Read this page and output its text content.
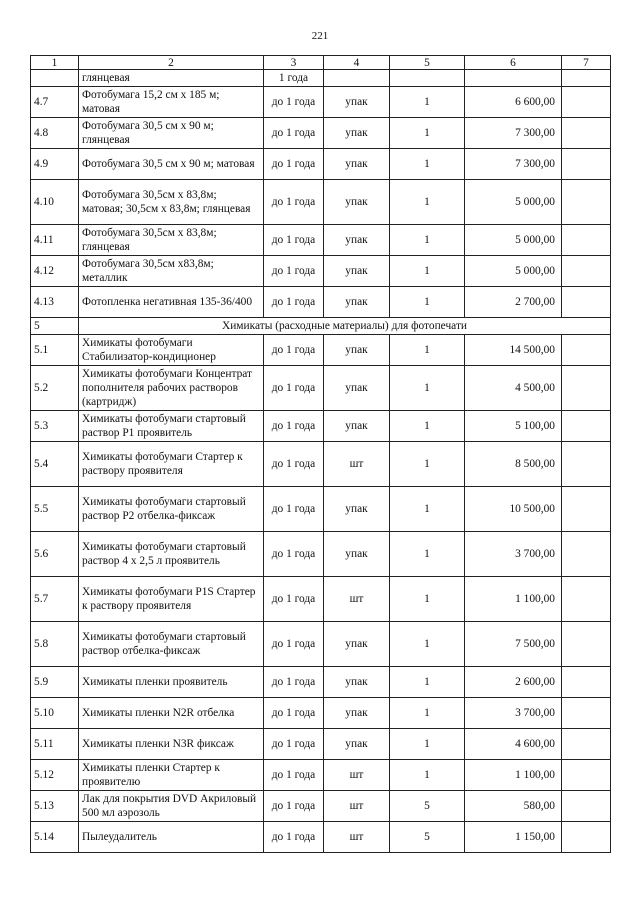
221
1	2	3	4	5	6	7
	глянцевая	1 года				
4.7	Фотобумага 15,2 см х 185 м; матовая	до 1 года	упак	1	6 600,00	
4.8	Фотобумага 30,5 см х 90 м; глянцевая	до 1 года	упак	1	7 300,00	
4.9	Фотобумага 30,5 см х 90 м; матовая	до 1 года	упак	1	7 300,00	
4.10	Фотобумага 30,5см х 83,8м; матовая; 30,5см х 83,8м; глянцевая	до 1 года	упак	1	5 000,00	
4.11	Фотобумага 30,5см х 83,8м; глянцевая	до 1 года	упак	1	5 000,00	
4.12	Фотобумага 30,5см х83,8м; металлик	до 1 года	упак	1	5 000,00	
4.13	Фотопленка негативная 135-36/400	до 1 года	упак	1	2 700,00	
5	Химикаты (расходные материалы) для фотопечати					
5.1	Химикаты фотобумаги Стабилизатор-кондиционер	до 1 года	упак	1	14 500,00	
5.2	Химикаты фотобумаги Концентрат пополнителя рабочих растворов (картридж)	до 1 года	упак	1	4 500,00	
5.3	Химикаты фотобумаги стартовый раствор P1 проявитель	до 1 года	упак	1	5 100,00	
5.4	Химикаты фотобумаги Стартер к раствору проявителя	до 1 года	шт	1	8 500,00	
5.5	Химикаты фотобумаги стартовый раствор P2 отбелка-фиксаж	до 1 года	упак	1	10 500,00	
5.6	Химикаты фотобумаги стартовый раствор 4 х 2,5 л проявитель	до 1 года	упак	1	3 700,00	
5.7	Химикаты фотобумаги P1S Стартер к раствору проявителя	до 1 года	шт	1	1 100,00	
5.8	Химикаты фотобумаги стартовый раствор отбелка-фиксаж	до 1 года	упак	1	7 500,00	
5.9	Химикаты пленки проявитель	до 1 года	упак	1	2 600,00	
5.10	Химикаты пленки N2R отбелка	до 1 года	упак	1	3 700,00	
5.11	Химикаты пленки N3R фиксаж	до 1 года	упак	1	4 600,00	
5.12	Химикаты пленки Стартер к проявителю	до 1 года	шт	1	1 100,00	
5.13	Лак для покрытия DVD Акриловый 500 мл аэрозоль	до 1 года	шт	5	580,00	
5.14	Пылеудалитель	до 1 года	шт	5	1 150,00	
